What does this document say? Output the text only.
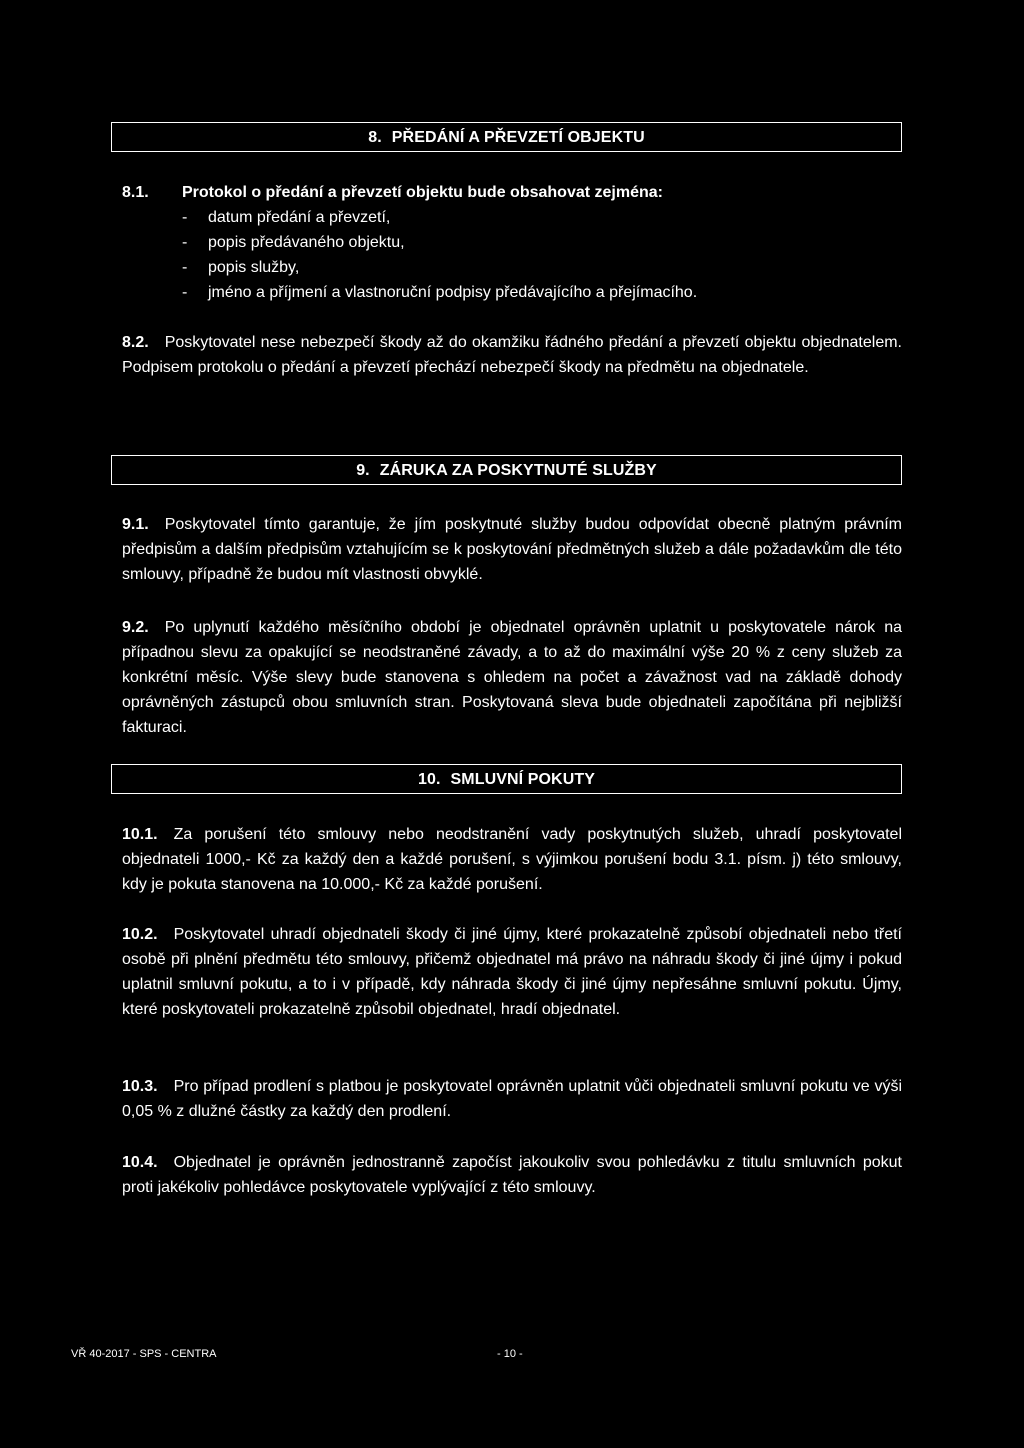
8. PŘEDÁNÍ A PŘEVZETÍ OBJEKTU
8.1. Protokol o předání a převzetí objektu bude obsahovat zejména:
- datum předání a převzetí,
- popis předávaného objektu,
- popis služby,
- jméno a příjmení a vlastnoruční podpisy předávajícího a přejímacího.

8.2. Poskytovatel nese nebezpečí škody až do okamžiku řádného předání a převzetí objektu objednatelem. Podpisem protokolu o předání a převzetí přechází nebezpečí škody na předmětu na objednatele.

9. ZÁRUKA ZA POSKYTNUTÉ SLUŽBY

9.1. Poskytovatel tímto garantuje, že jím poskytnuté služby budou odpovídat obecně platným právním předpisům a dalším předpisům vztahujícím se k poskytování předmětných služeb a dále požadavkům dle této smlouvy, případně že budou mít vlastnosti obvyklé.

9.2. Po uplynutí každého měsíčního období je objednatel oprávněn uplatnit u poskytovatele nárok na případnou slevu za opakující se neodstraněné závady, a to až do maximální výše 20 % z ceny služeb za konkrétní měsíc. Výše slevy bude stanovena s ohledem na počet a závažnost vad na základě dohody oprávněných zástupců obou smluvních stran. Poskytovaná sleva bude objednateli započítána při nejbližší fakturaci.

10. SMLUVNÍ POKUTY

10.1. Za porušení této smlouvy nebo neodstranění vady poskytnutých služeb, uhradí poskytovatel objednateli 1000,- Kč za každý den a každé porušení, s výjimkou porušení bodu 3.1. písm. j) této smlouvy, kdy je pokuta stanovena na 10.000,- Kč za každé porušení.

10.2. Poskytovatel uhradí objednateli škody či jiné újmy, které prokazatelně způsobí objednateli nebo třetí osobě při plnění předmětu této smlouvy, přičemž objednatel má právo na náhradu škody či jiné újmy i pokud uplatnil smluvní pokutu, a to i v případě, kdy náhrada škody či jiné újmy nepřesáhne smluvní pokutu. Újmy, které poskytovateli prokazatelně způsobil objednatel, hradí objednatel.

10.3. Pro případ prodlení s platbou je poskytovatel oprávněn uplatnit vůči objednateli smluvní pokutu ve výši 0,05 % z dlužné částky za každý den prodlení.

10.4. Objednatel je oprávněn jednostranně započíst jakoukoliv svou pohledávku z titulu smluvních pokut proti jakékoliv pohledávce poskytovatele vyplývající z této smlouvy.

VŘ 40-2017 - SPS - CENTRA	- 10 -
